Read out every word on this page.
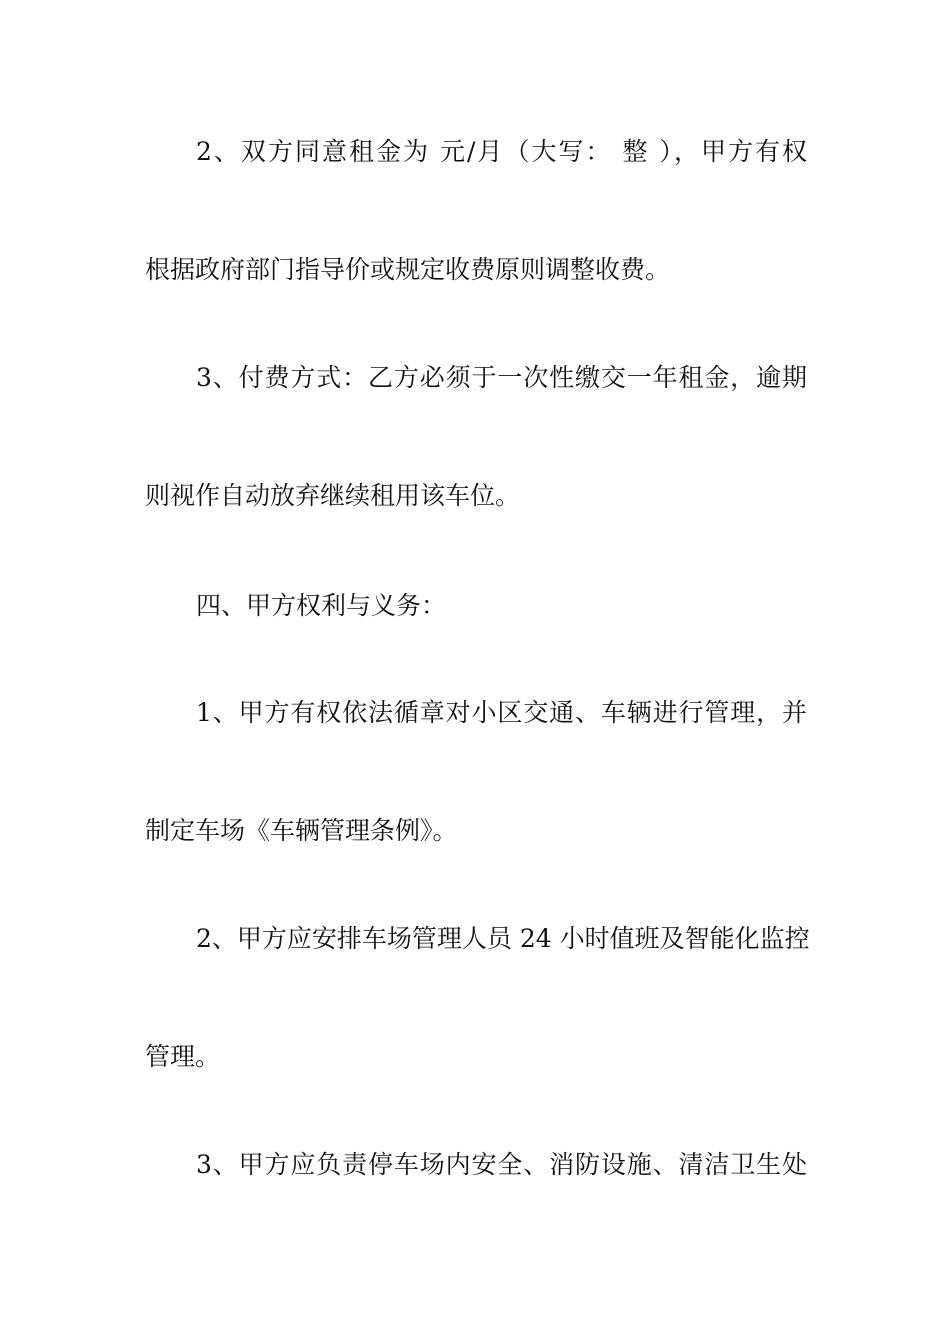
2、双方同意租金为 元/月（大写： 整 ），甲方有权
根据政府部门指导价或规定收费原则调整收费。
3、付费方式：乙方必须于一次性缴交一年租金，逾期
则视作自动放弃继续租用该车位。
四、甲方权利与义务：
1、甲方有权依法循章对小区交通、车辆进行管理，并
制定车场《车辆管理条例》。
2、甲方应安排车场管理人员 24 小时值班及智能化监控
管理。
3、甲方应负责停车场内安全、消防设施、清洁卫生处
